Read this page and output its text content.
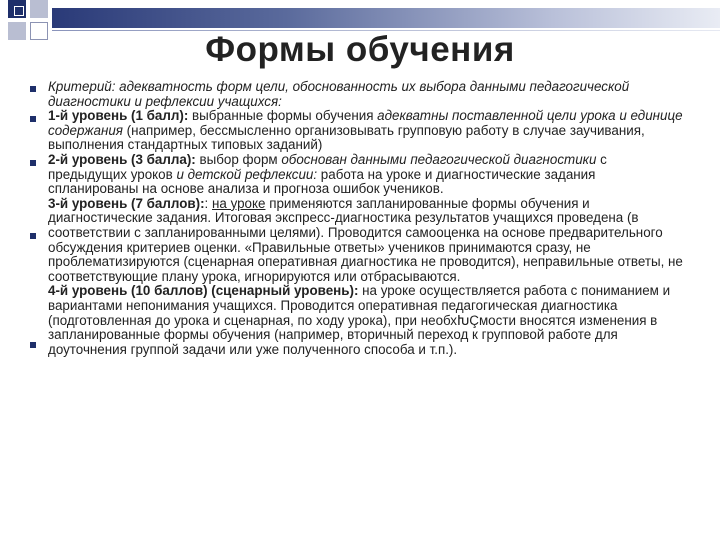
Формы обучения

Критерий: адекватность форм цели, обоснованность их выбора данными педагогической диагностики и рефлексии учащихся:

1-й уровень (1 балл): выбранные формы обучения адекватны поставленной цели урока и единице содержания (например, бессмысленно организовывать групповую работу в случае заучивания, выполнения стандартных типовых заданий)

2-й уровень (3 балла): выбор форм обоснован данными педагогической диагностики с предыдущих уроков и детской рефлексии: работа на уроке и диагностические задания спланированы на основе анализа и прогноза ошибок учеников.

3-й уровень (7 баллов):: на уроке применяются запланированные формы обучения и диагностические задания. Итоговая экспресс-диагностика результатов учащихся проведена (в соответствии с запланированными целями). Проводится самооценка на основе предварительного обсуждения критериев оценки. «Правильные ответы» учеников принимаются сразу, не проблематизируются (сценарная оперативная диагностика не проводится), неправильные ответы, не соответствующие плану урока, игнорируются или отбрасываются.

4-й уровень (10 баллов) (сценарный уровень): на уроке осуществляется работа с пониманием и вариантами непонимания учащихся. Проводится оперативная педагогическая диагностика (подготовленная до урока и сценарная, по ходу урока), при необхԽÇмости вносятся изменения в запланированные формы обучения (например, вторичный переход к групповой работе для доуточнения группой задачи или уже полученного способа и т.п.).
